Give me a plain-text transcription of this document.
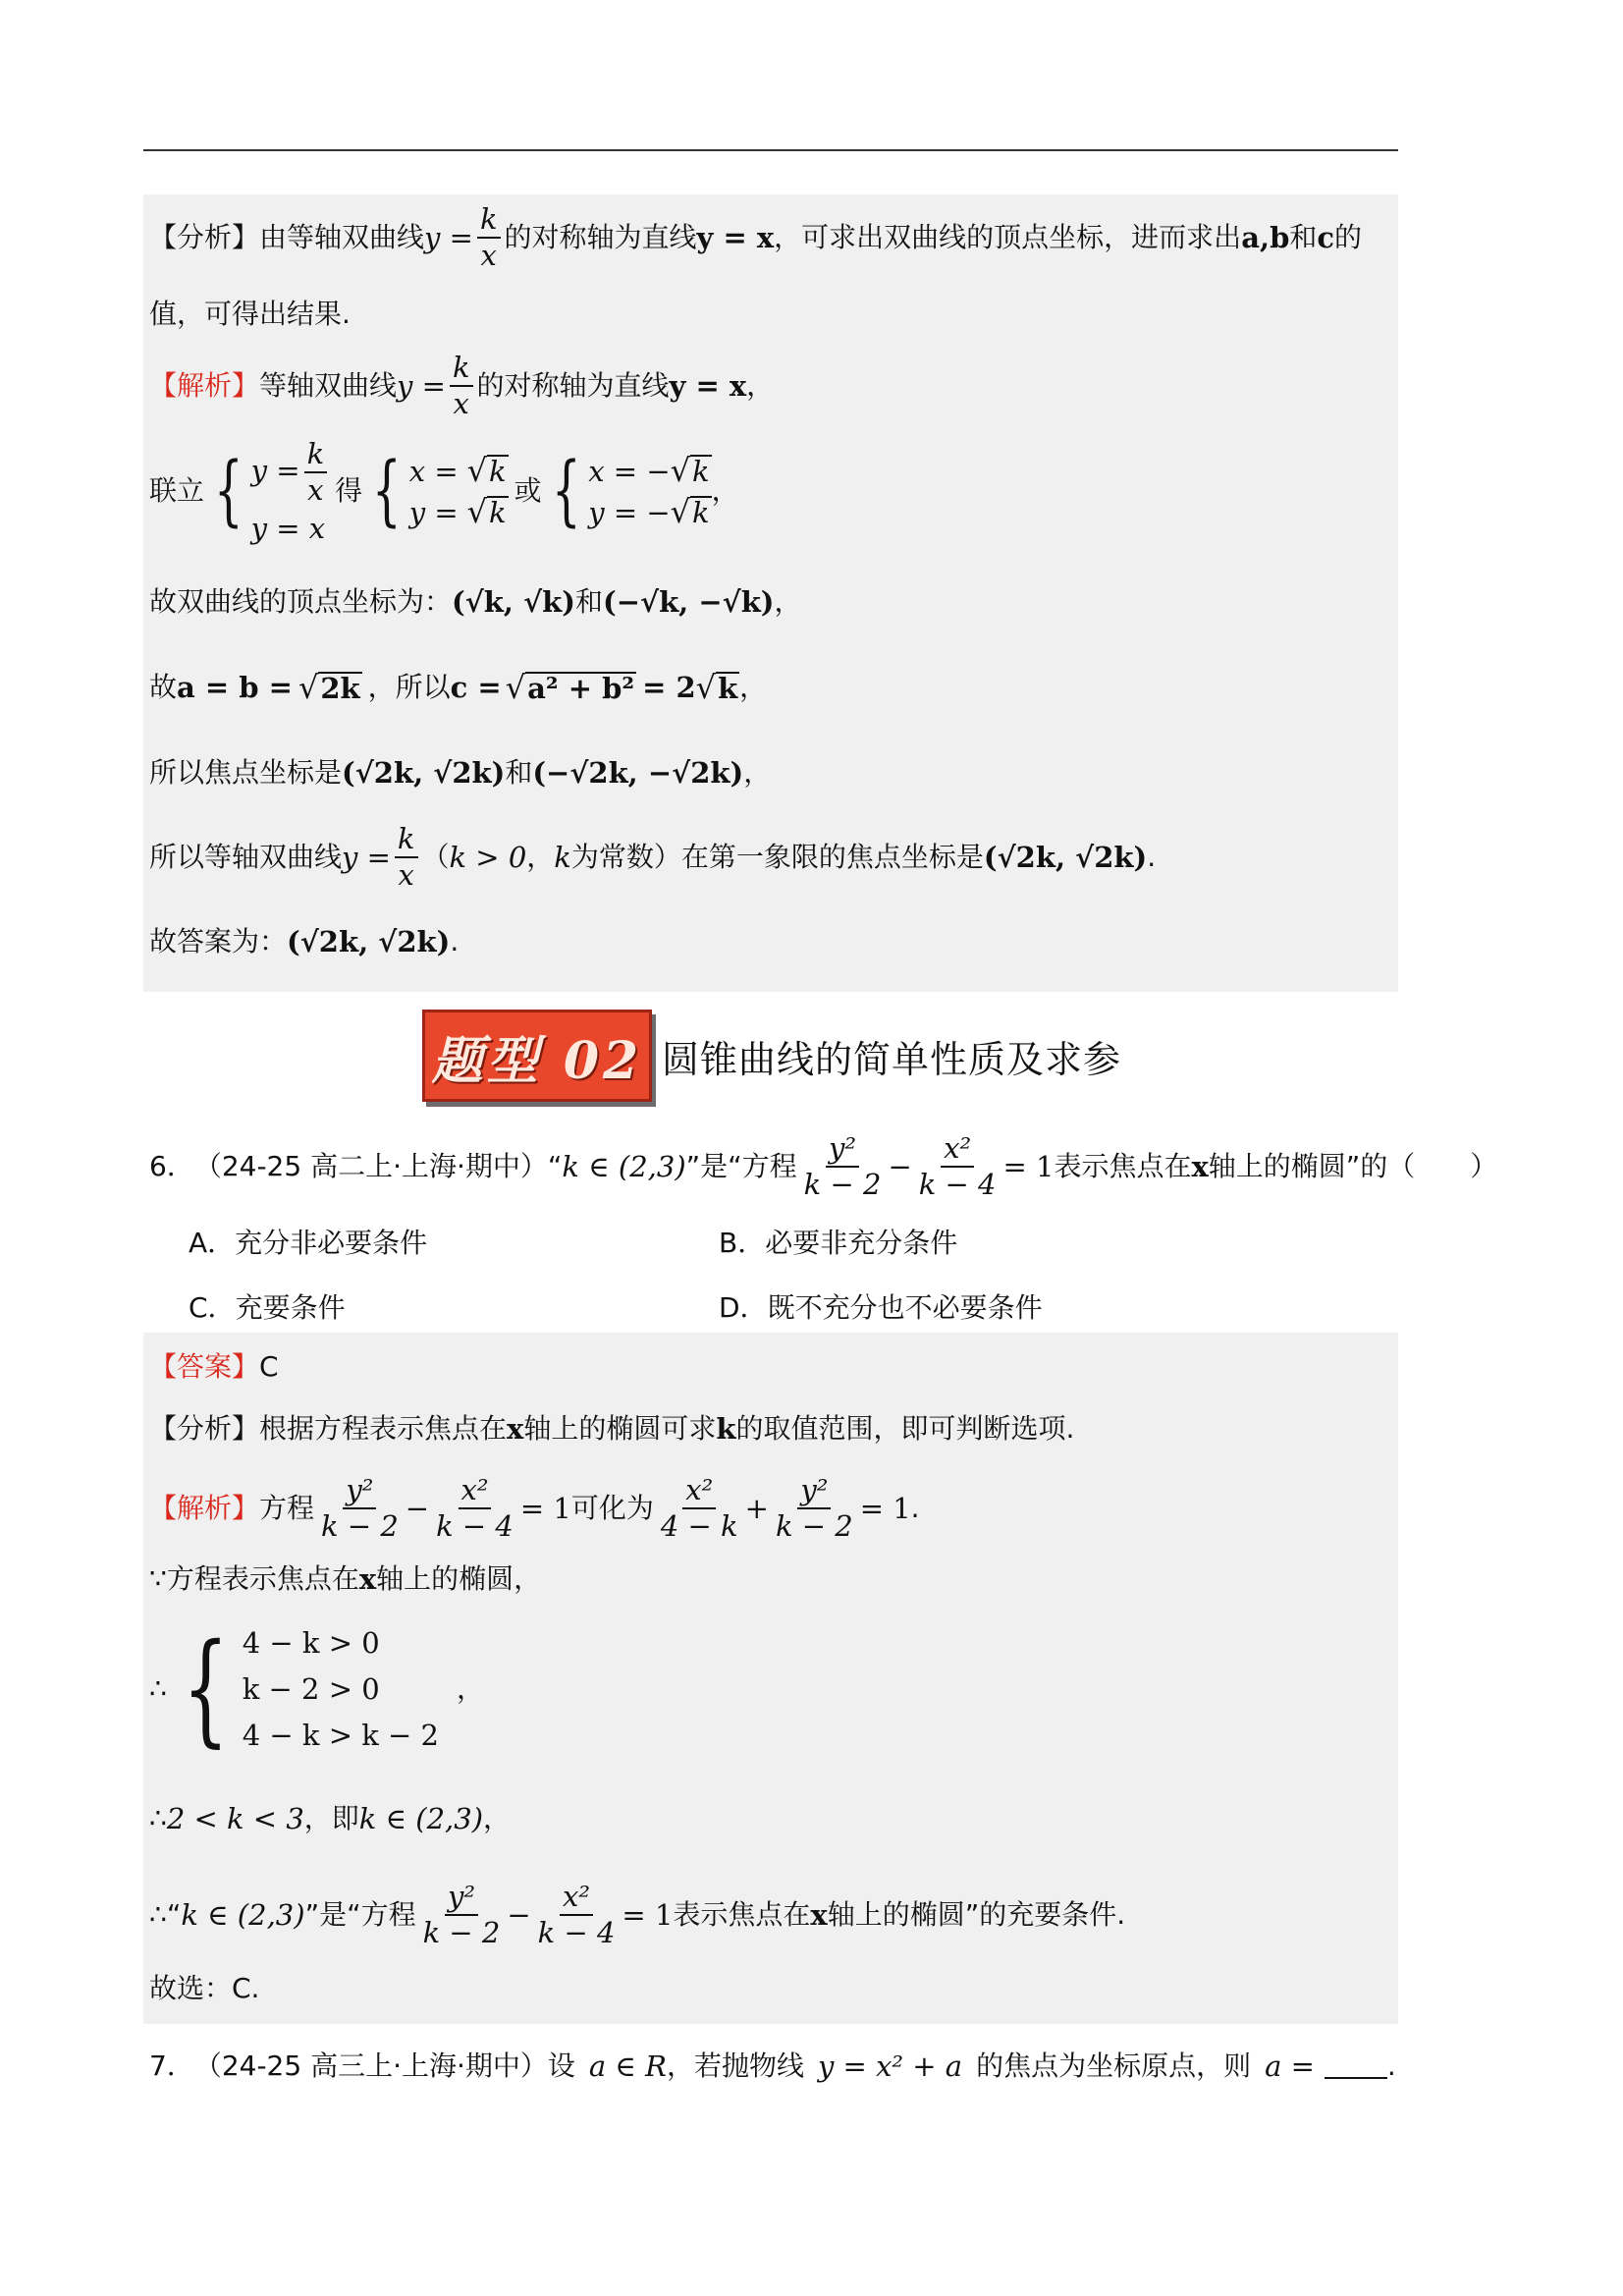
【分析】 由等轴双曲线 $y = \frac{k}{x}$ 的对称轴为直线 y = x ，可求出双曲线的顶点坐标，进而求出 a,b 和 c 的
值，可得出结果.
【解析】 等轴双曲线 $y = \frac{k}{x}$ 的对称轴为直线 y = x ，
联立 { $y = \frac{k}{x}$
y = x
得 { x = √ k
y = √ k
或 { x = − √ k
y = − √ k
，
故双曲线的顶点坐标为： (√k, √k) 和 (−√k, −√k) ，
故 a = b = √ 2k ，所以 c = √ a² + b² = 2 √ k ，
所以焦点坐标是 (√2k, √2k) 和 (−√2k, −√2k) ，
所以等轴双曲线 $y = \frac{k}{x}$ （ k > 0 ， k 为常数）在第一象限的焦点坐标是 (√2k, √2k) .
故答案为： (√2k, √2k) .
题型 02 圆锥曲线的简单性质及求参
6． （24-25 高二上·上海·期中） “ k ∈ (2,3) ”是“方程 $\frac{\text{y²}}{k - 2} - \frac{\text{x²}}{k - 4} = 1$ 表示焦点在 x 轴上的椭圆”的（　　）
A． 充分非必要条件	B． 必要非充分条件
C． 充要条件	D． 既不充分也不必要条件
【答案】 C
【分析】 根据方程表示焦点在 x 轴上的椭圆可求 k 的取值范围，即可判断选项.
【解析】 方程 $\frac{\text{y²}}{k - 2} - \frac{\text{x²}}{k - 4} = 1$ 可化为 $\frac{\text{x²}}{4 - k} + \frac{\text{y²}}{k - 2} = 1$ .
∵方程表示焦点在 x 轴上的椭圆，
∴ { 4 − k > 0
k − 2 > 0
4 − k > k − 2
，
∴ 2 < k < 3 ，即 k ∈ (2,3) ，
∴“ k ∈ (2,3) ”是“方程 $\frac{\text{y²}}{k - 2} - \frac{\text{x²}}{k - 4} = 1$ 表示焦点在 x 轴上的椭圆”的充要条件.
故选：C.
7． （24-25 高三上·上海·期中）设 a ∈ R ，若抛物线 y = x² + a 的焦点为坐标原点，则 a =	.
